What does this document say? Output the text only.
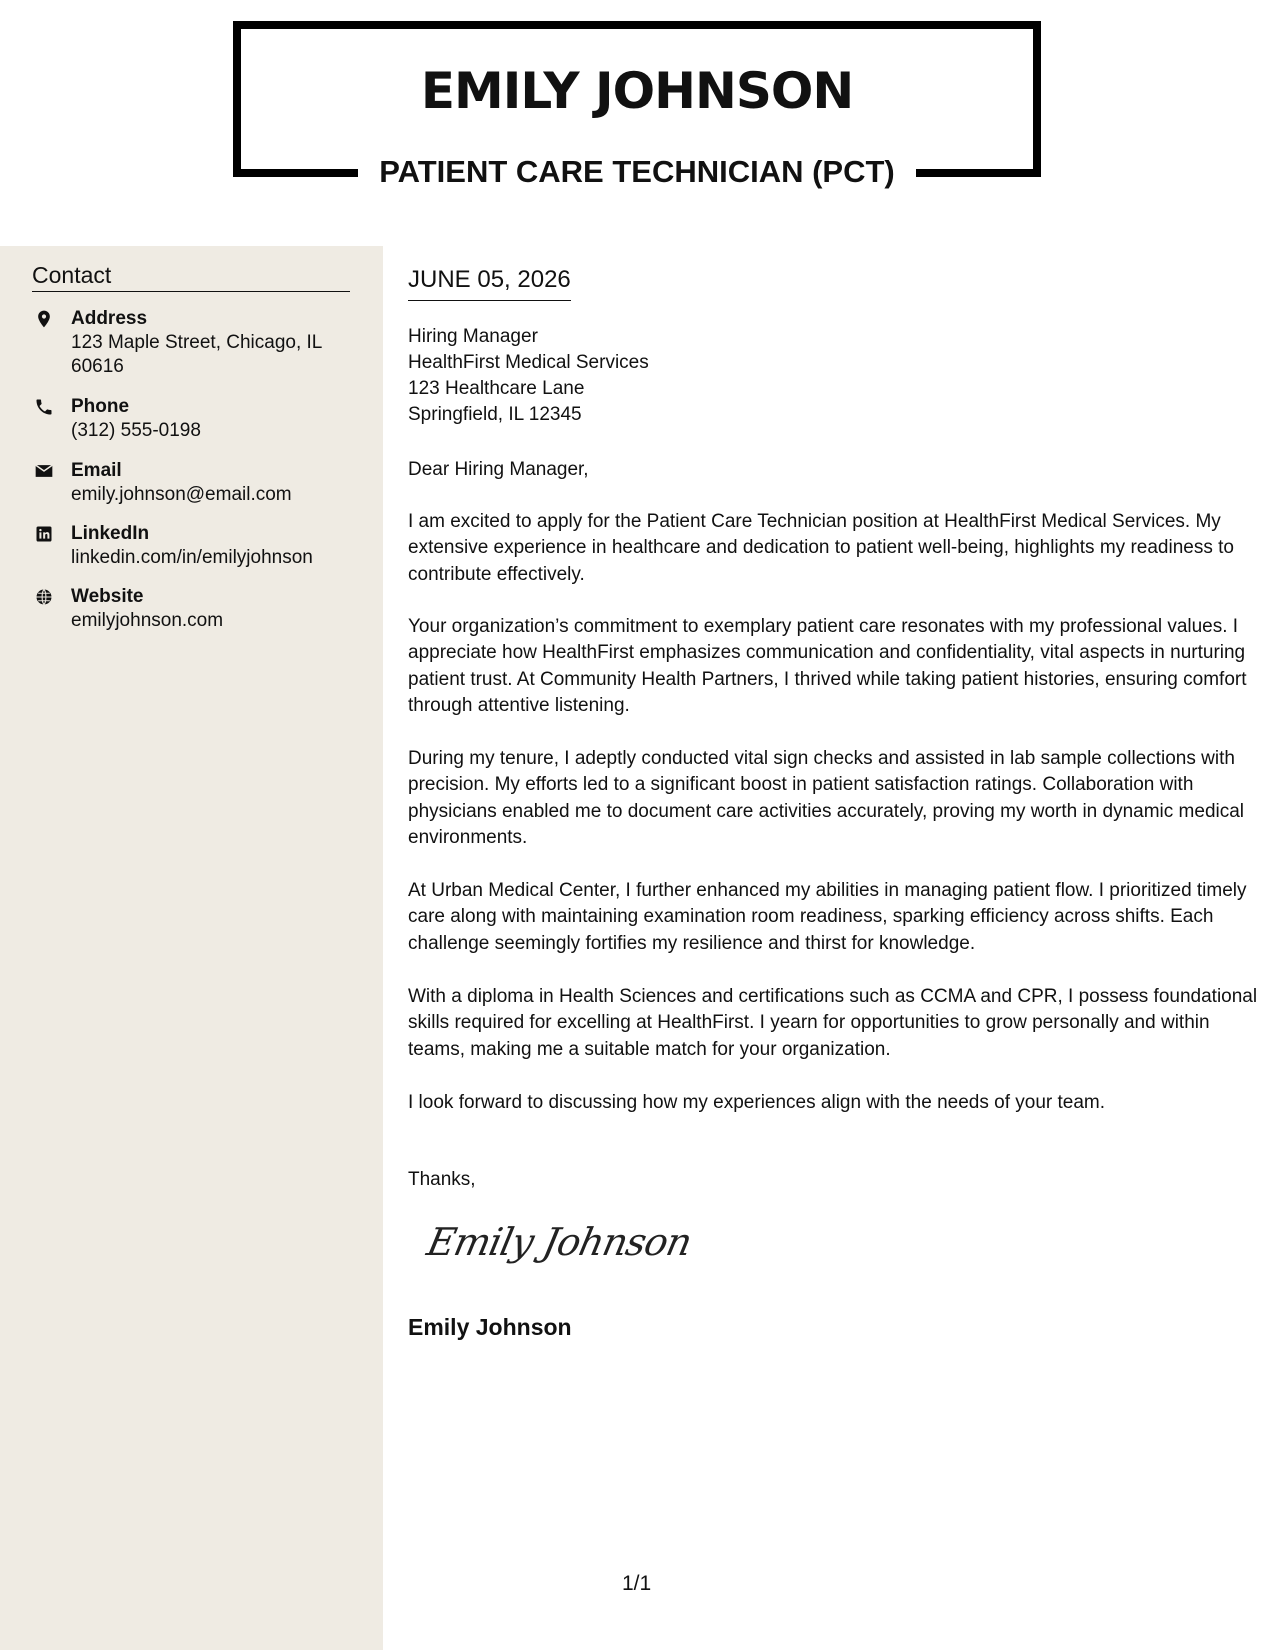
EMILY JOHNSON
PATIENT CARE TECHNICIAN (PCT)
Contact
Address
123 Maple Street, Chicago, IL 60616
Phone
(312) 555-0198
Email
emily.johnson@email.com
LinkedIn
linkedin.com/in/emilyjohnson
Website
emilyjohnson.com
JUNE 05, 2026
Hiring Manager
HealthFirst Medical Services
123 Healthcare Lane
Springfield, IL 12345
Dear Hiring Manager,
I am excited to apply for the Patient Care Technician position at HealthFirst Medical Services. My extensive experience in healthcare and dedication to patient well-being, highlights my readiness to contribute effectively.
Your organization’s commitment to exemplary patient care resonates with my professional values. I appreciate how HealthFirst emphasizes communication and confidentiality, vital aspects in nurturing patient trust. At Community Health Partners, I thrived while taking patient histories, ensuring comfort through attentive listening.
During my tenure, I adeptly conducted vital sign checks and assisted in lab sample collections with precision. My efforts led to a significant boost in patient satisfaction ratings. Collaboration with physicians enabled me to document care activities accurately, proving my worth in dynamic medical environments.
At Urban Medical Center, I further enhanced my abilities in managing patient flow. I prioritized timely care along with maintaining examination room readiness, sparking efficiency across shifts. Each challenge seemingly fortifies my resilience and thirst for knowledge.
With a diploma in Health Sciences and certifications such as CCMA and CPR, I possess foundational skills required for excelling at HealthFirst. I yearn for opportunities to grow personally and within teams, making me a suitable match for your organization.
I look forward to discussing how my experiences align with the needs of your team.
Thanks,
Emily Johnson
Emily Johnson
1/1
